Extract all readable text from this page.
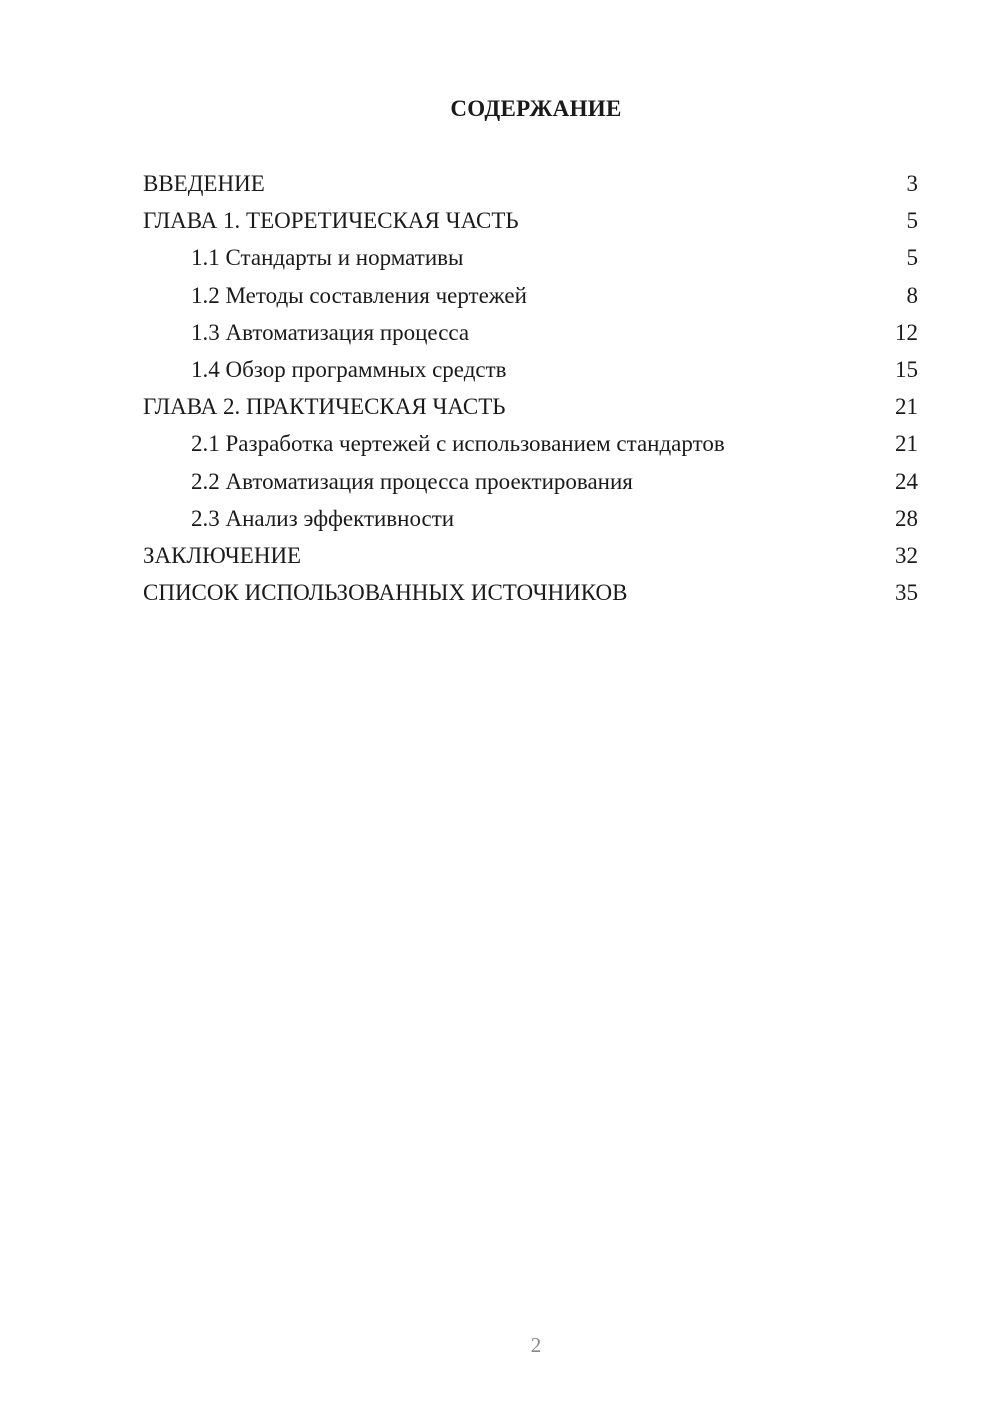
СОДЕРЖАНИЕ
ВВЕДЕНИЕ	3
ГЛАВА 1. ТЕОРЕТИЧЕСКАЯ ЧАСТЬ	5
1.1 Стандарты и нормативы	5
1.2 Методы составления чертежей	8
1.3 Автоматизация процесса	12
1.4 Обзор программных средств	15
ГЛАВА 2. ПРАКТИЧЕСКАЯ ЧАСТЬ	21
2.1 Разработка чертежей с использованием стандартов	21
2.2 Автоматизация процесса проектирования	24
2.3 Анализ эффективности	28
ЗАКЛЮЧЕНИЕ	32
СПИСОК ИСПОЛЬЗОВАННЫХ ИСТОЧНИКОВ	35
2
